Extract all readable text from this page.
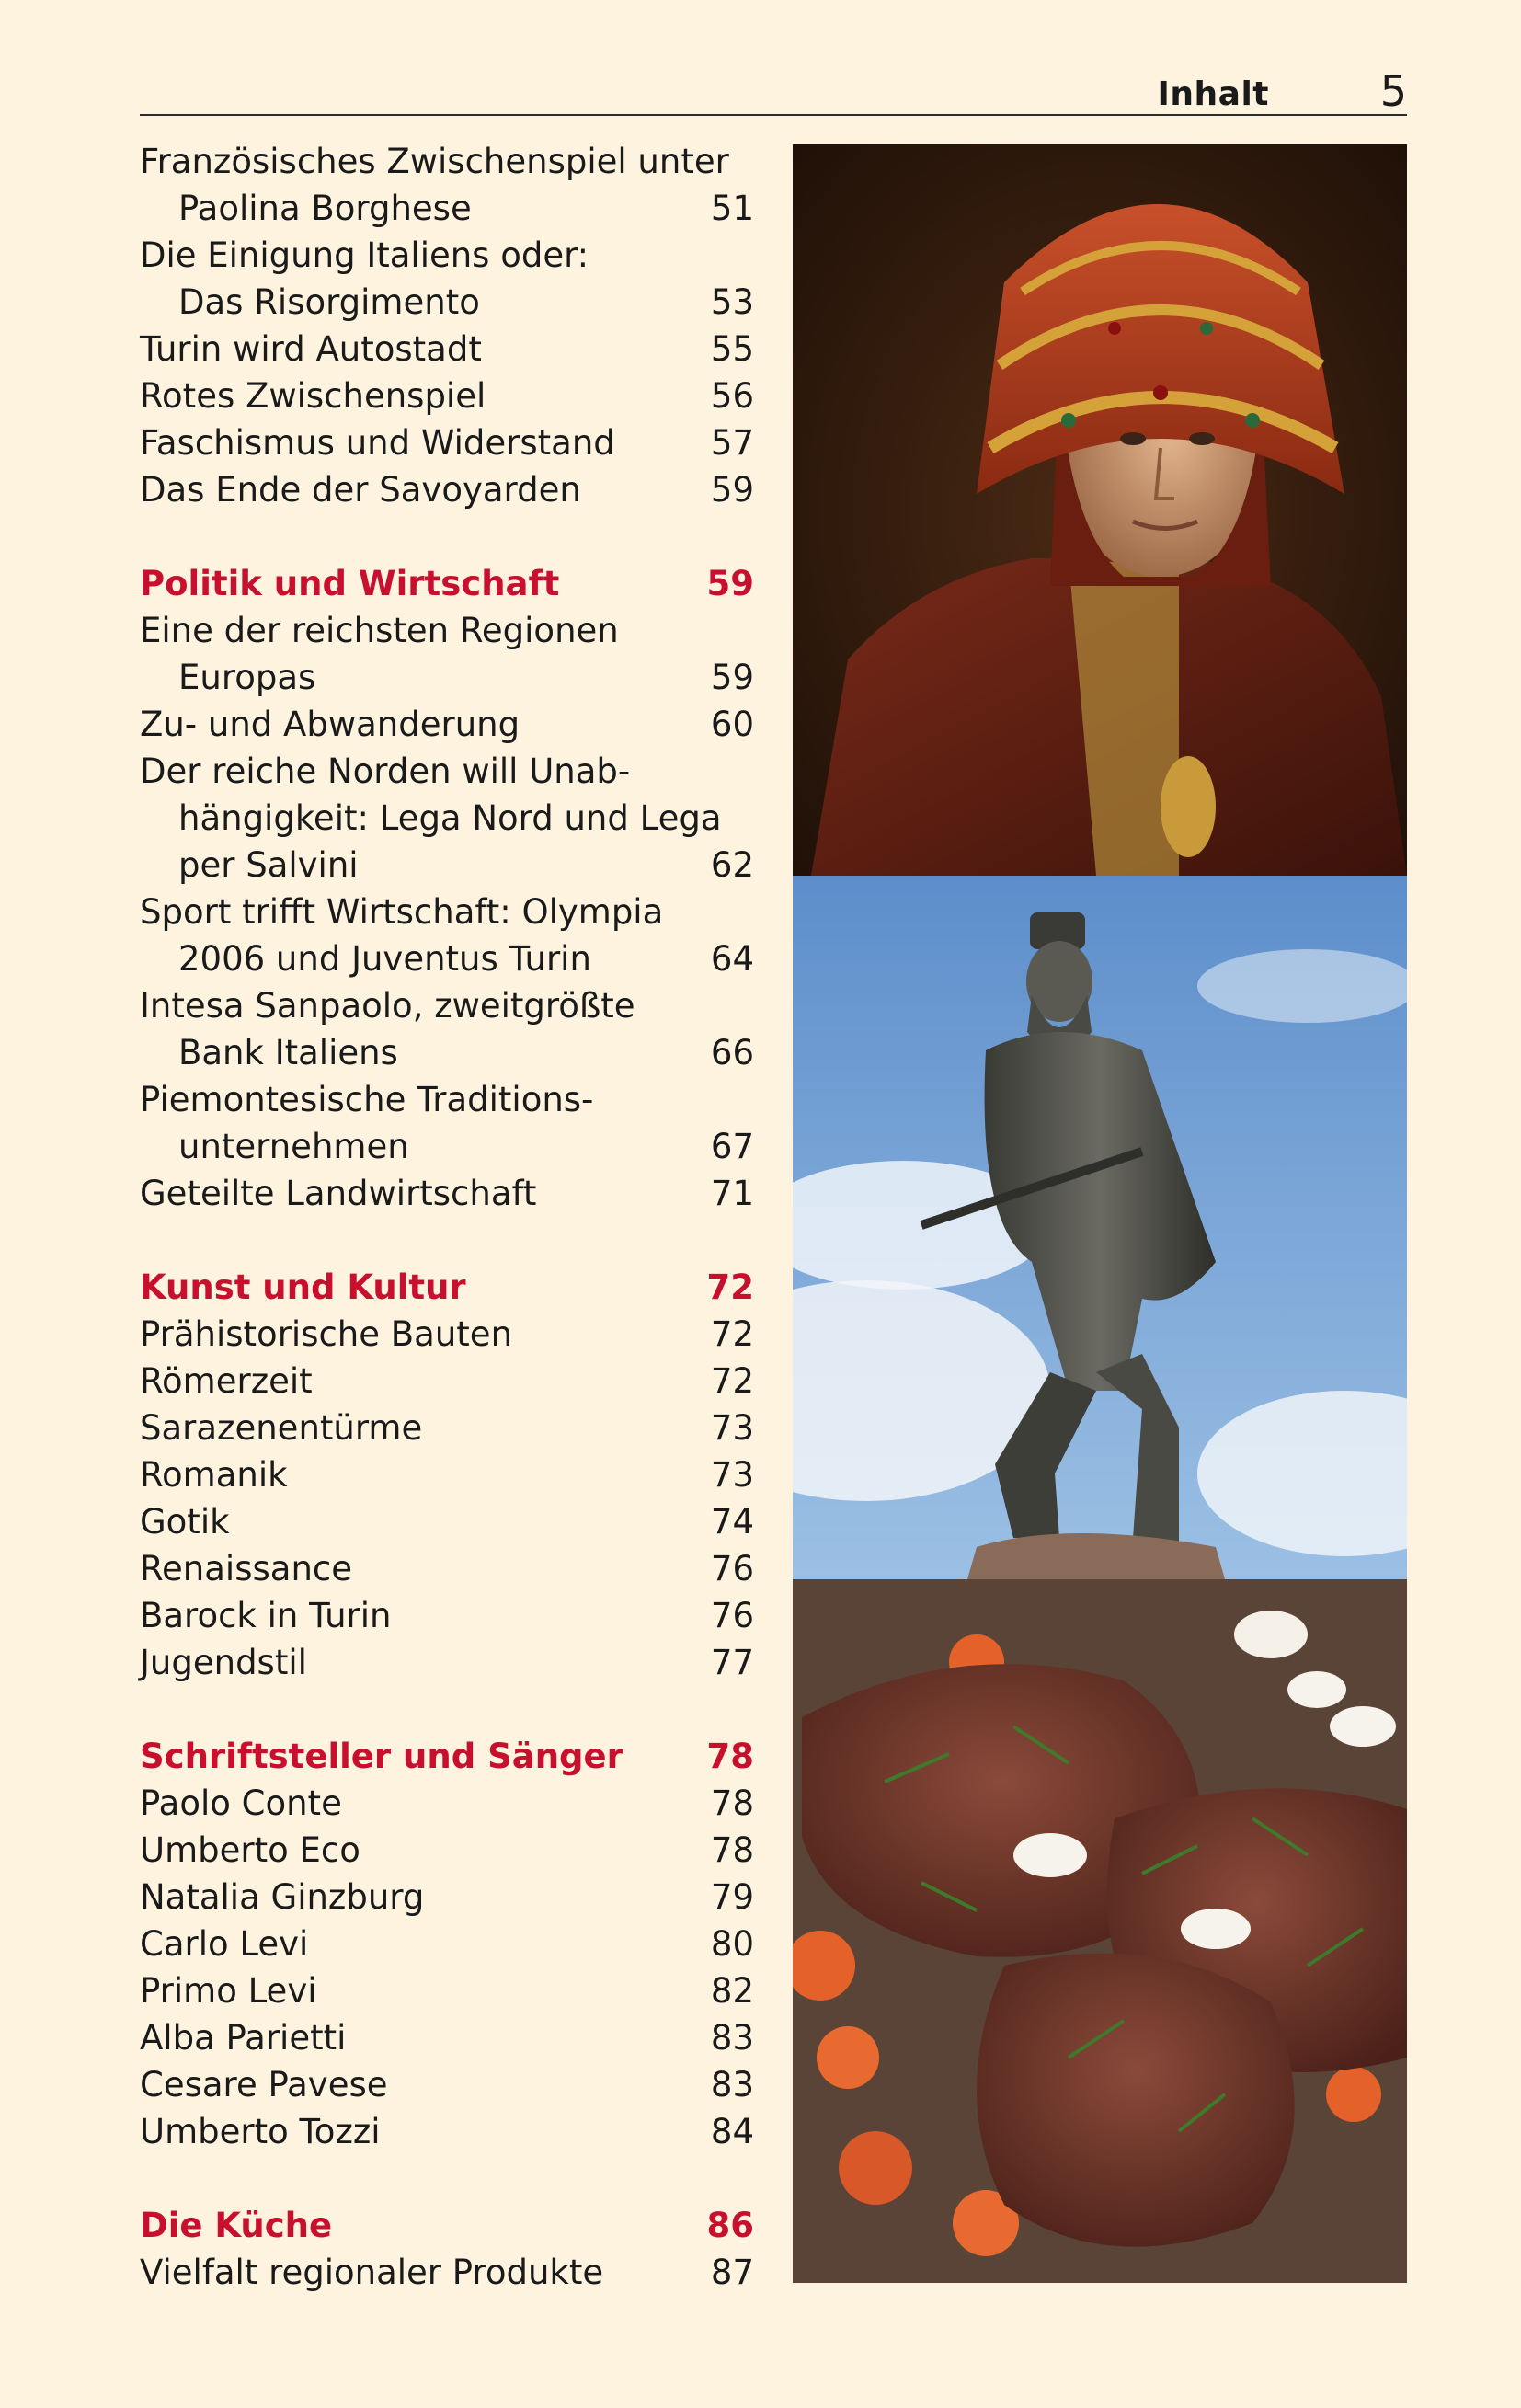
Inhalt	5
Französisches Zwischenspiel unter
Paolina Borghese	51
Die Einigung Italiens oder:
Das Risorgimento	53
Turin wird Autostadt	55
Rotes Zwischenspiel	56
Faschismus und Widerstand	57
Das Ende der Savoyarden	59
Politik und Wirtschaft	59
Eine der reichsten Regionen
Europas	59
Zu- und Abwanderung	60
Der reiche Norden will Unab-
hängigkeit: Lega Nord und Lega
per Salvini	62
Sport trifft Wirtschaft: Olympia
2006 und Juventus Turin	64
Intesa Sanpaolo, zweitgrößte
Bank Italiens	66
Piemontesische Traditions-
unternehmen	67
Geteilte Landwirtschaft	71
Kunst und Kultur	72
Prähistorische Bauten	72
Römerzeit	72
Sarazenentürme	73
Romanik	73
Gotik	74
Renaissance	76
Barock in Turin	76
Jugendstil	77
Schriftsteller und Sänger 78
Paolo Conte	78
Umberto Eco	78
Natalia Ginzburg	79
Carlo Levi	80
Primo Levi	82
Alba Parietti	83
Cesare Pavese	83
Umberto Tozzi	84
Die Küche	86
Vielfalt regionaler Produkte	87
